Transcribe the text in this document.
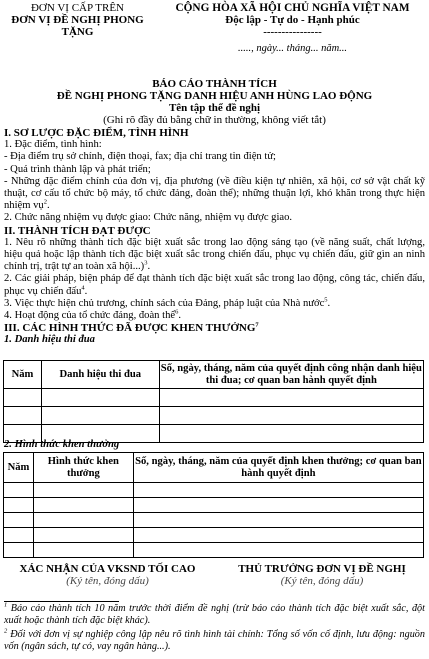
ĐƠN VỊ CẤP TRÊN
ĐƠN VỊ ĐỀ NGHỊ PHONG TẶNG
CỘNG HÒA XÃ HỘI CHỦ NGHĨA VIỆT NAM
Độc lập - Tự do - Hạnh phúc
----------------
....., ngày... tháng... năm...
BÁO CÁO THÀNH TÍCH
ĐỀ NGHỊ PHONG TẶNG DANH HIỆU ANH HÙNG LAO ĐỘNG
Tên tập thể đề nghị
(Ghi rõ đầy đủ bằng chữ in thường, không viết tắt)

I. SƠ LƯỢC ĐẶC ĐIỂM, TÌNH HÌNH

1. Đặc điểm, tình hình:

- Địa điểm trụ sở chính, điện thoại, fax; địa chỉ trang tin điện tử;

- Quá trình thành lập và phát triển;

- Những đặc điểm chính của đơn vị, địa phương (về điều kiện tự nhiên, xã hội, cơ sở vật chất kỹ thuật, cơ cấu tổ chức bộ máy, tổ chức đảng, đoàn thể); những thuận lợi, khó khăn trong thực hiện nhiệm vụ$^2$.

2. Chức năng nhiệm vụ được giao: Chức năng, nhiệm vụ được giao.

II. THÀNH TÍCH ĐẠT ĐƯỢC

1. Nêu rõ những thành tích đặc biệt xuất sắc trong lao động sáng tạo (về năng suất, chất lượng, hiệu quả hoặc lập thành tích đặc biệt xuất sắc trong chiến đấu, phục vụ chiến đấu, giữ gìn an ninh chính trị, trật tự an toàn xã hội...)$^3$.

2. Các giải pháp, biện pháp để đạt thành tích đặc biệt xuất sắc trong lao động, công tác, chiến đấu, phục vụ chiến đấu$^4$.

3. Việc thực hiện chủ trương, chính sách của Đảng, pháp luật của Nhà nước$^5$.

4. Hoạt động của tổ chức đảng, đoàn thể$^6$.

III. CÁC HÌNH THỨC ĐÃ ĐƯỢC KHEN THƯỞNG$^7$

1. Danh hiệu thi đua

Năm	Danh hiệu thi đua	Số, ngày, tháng, năm của quyết định công nhận danh hiệu thi đua; cơ quan ban hành quyết định

2. Hình thức khen thưởng
Năm	Hình thức khen thưởng	Số, ngày, tháng, năm của quyết định khen thưởng; cơ quan ban hành quyết định

XÁC NHẬN CỦA VKSND TỐI CAO
(Ký tên, đóng dấu)
THỦ TRƯỞNG ĐƠN VỊ ĐỀ NGHỊ
(Ký tên, đóng dấu)
$^1$ Báo cáo thành tích 10 năm trước thời điểm đề nghị (trừ báo cáo thành tích đặc biệt xuất sắc, đột xuất hoặc thành tích đặc biệt khác).
$^2$ Đối với đơn vị sự nghiệp công lập nêu rõ tình hình tài chính: Tổng số vốn cố định, lưu động: nguồn vốn (ngân sách, tự có, vay ngân hàng...).
